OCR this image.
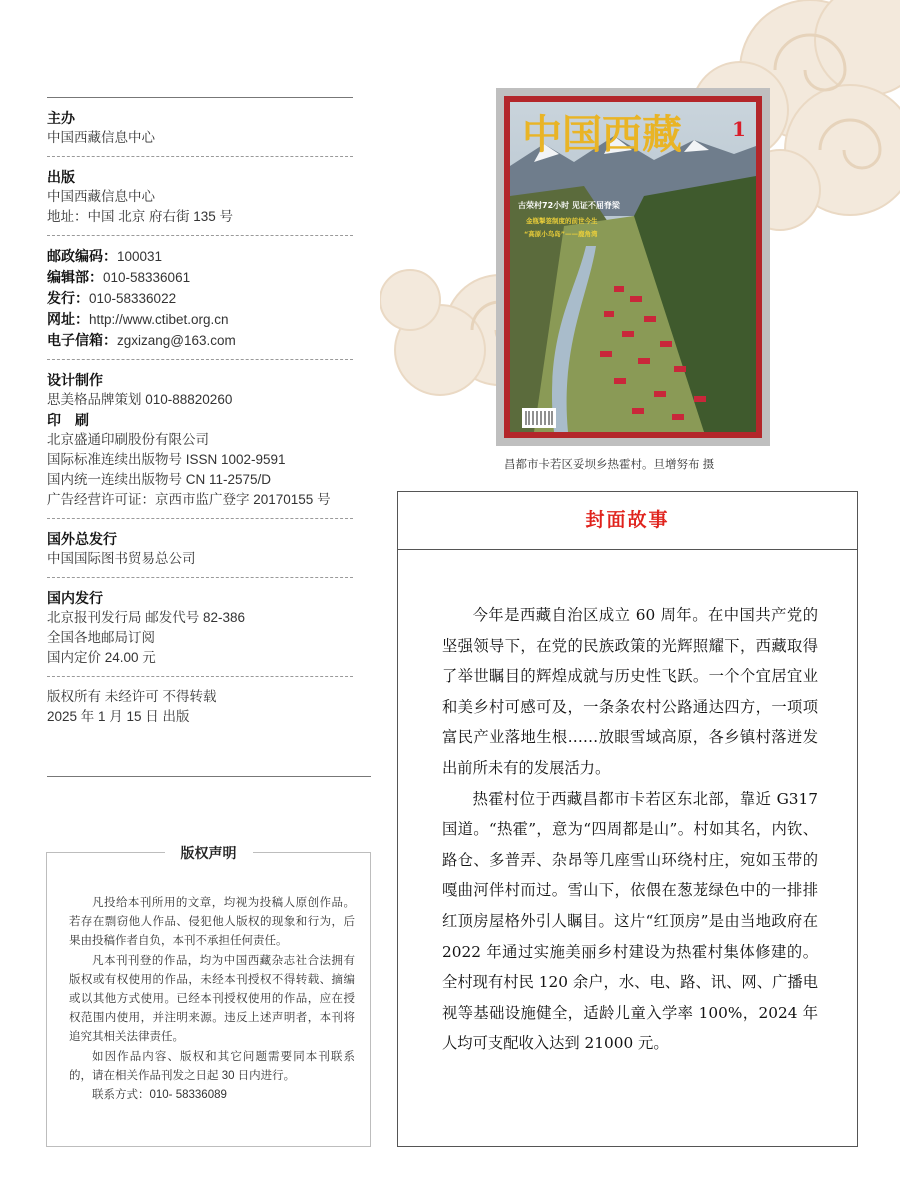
主办
中国西藏信息中心
出版
中国西藏信息中心
地址：中国 北京 府右街 135 号
邮政编码：100031
编辑部：010-58336061
发行：010-58336022
网址：http://www.ctibet.org.cn
电子信箱：zgxizang@163.com
设计制作
思美格品牌策划 010-88820260
印　刷
北京盛通印刷股份有限公司
国际标准连续出版物号 ISSN 1002-9591
国内统一连续出版物号 CN 11-2575/D
广告经营许可证：京西市监广登字 20170155 号
国外总发行
中国国际图书贸易总公司
国内发行
北京报刊发行局 邮发代号 82-386
全国各地邮局订阅
国内定价 24.00 元
版权所有 未经许可 不得转载
2025 年 1 月 15 日 出版
版权声明

凡投给本刊所用的文章，均视为投稿人原创作品。若存在剽窃他人作品、侵犯他人版权的现象和行为，后果由投稿作者自负，本刊不承担任何责任。

凡本刊刊登的作品，均为中国西藏杂志社合法拥有版权或有权使用的作品，未经本刊授权不得转载、摘编或以其他方式使用。已经本刊授权使用的作品，应在授权范围内使用，并注明来源。违反上述声明者，本刊将追究其相关法律责任。

如因作品内容、版权和其它问题需要同本刊联系的，请在相关作品刊发之日起 30 日内进行。

联系方式：010- 58336089

中国西藏	1
古荣村72小时 见证不屈脊梁
金瓶掣签制度的前世今生
“高原小鸟岛”——鹿角湾
昌都市卡若区妥坝乡热霍村。旦增努布 摄
封面故事

今年是西藏自治区成立 60 周年。在中国共产党的坚强领导下，在党的民族政策的光辉照耀下，西藏取得了举世瞩目的辉煌成就与历史性飞跃。一个个宜居宜业和美乡村可感可及，一条条农村公路通达四方，一项项富民产业落地生根……放眼雪域高原，各乡镇村落迸发出前所未有的发展活力。

热霍村位于西藏昌都市卡若区东北部，靠近 G317 国道。“热霍”，意为“四周都是山”。村如其名，内钦、路仓、多普弄、杂昂等几座雪山环绕村庄，宛如玉带的嘎曲河伴村而过。雪山下，依偎在葱茏绿色中的一排排红顶房屋格外引人瞩目。这片“红顶房”是由当地政府在 2022 年通过实施美丽乡村建设为热霍村集体修建的。全村现有村民 120 余户，水、电、路、讯、网、广播电视等基础设施健全，适龄儿童入学率 100%，2024 年人均可支配收入达到 21000 元。
